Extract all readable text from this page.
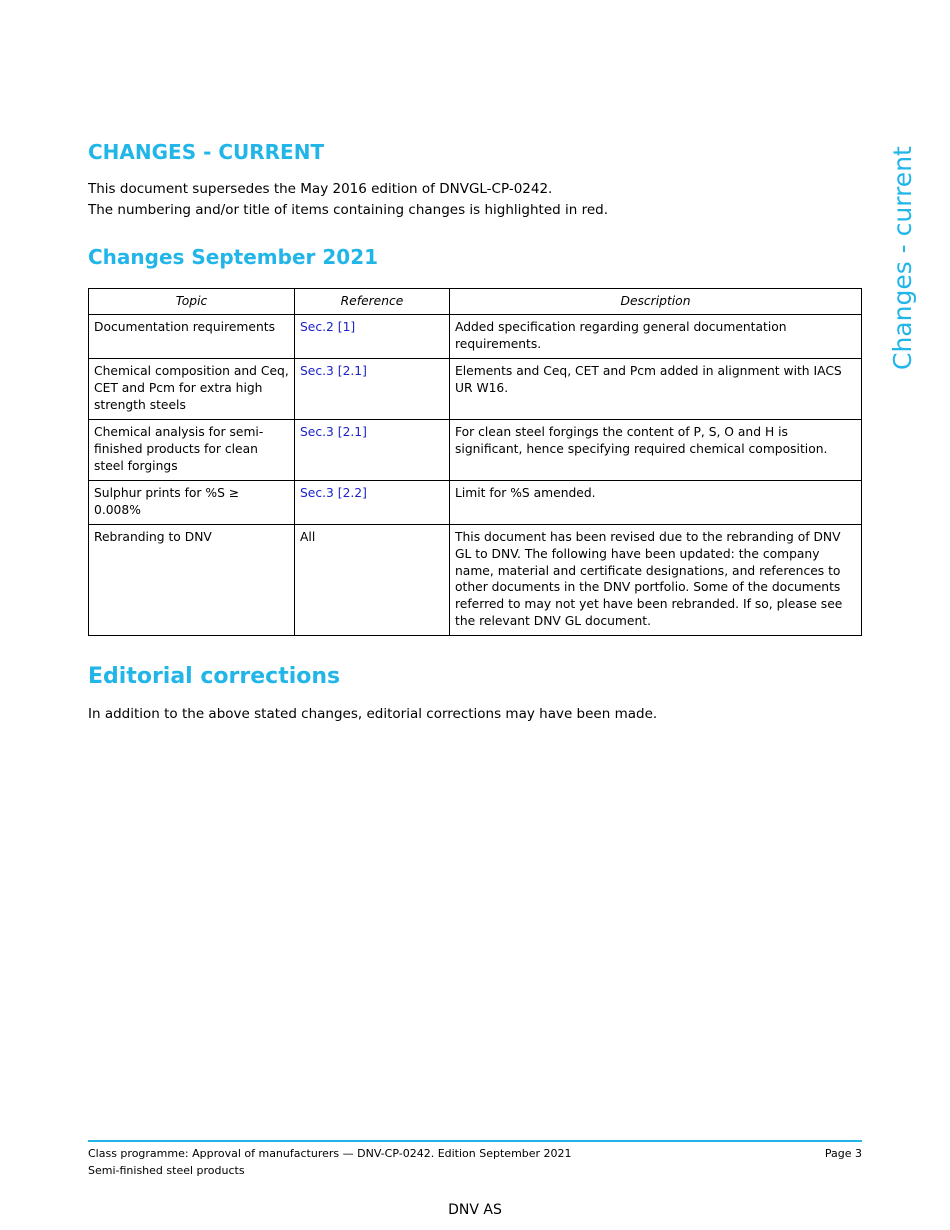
Changes - current
CHANGES - CURRENT

This document supersedes the May 2016 edition of DNVGL-CP-0242.

The numbering and/or title of items containing changes is highlighted in red.

Changes September 2021
Topic	Reference	Description
Documentation requirements	Sec.2 [1]	Added specification regarding general documentation requirements.
Chemical composition and Ceq, CET and Pcm for extra high strength steels	Sec.3 [2.1]	Elements and Ceq, CET and Pcm added in alignment with IACS UR W16.
Chemical analysis for semi-finished products for clean steel forgings	Sec.3 [2.1]	For clean steel forgings the content of P, S, O and H is significant, hence specifying required chemical composition.
Sulphur prints for %S ≥ 0.008%	Sec.3 [2.2]	Limit for %S amended.
Rebranding to DNV	All	This document has been revised due to the rebranding of DNV GL to DNV. The following have been updated: the company name, material and certificate designations, and references to other documents in the DNV portfolio. Some of the documents referred to may not yet have been rebranded. If so, please see the relevant DNV GL document.
Editorial corrections

In addition to the above stated changes, editorial corrections may have been made.

Class programme: Approval of manufacturers — DNV-CP-0242. Edition September 2021
Semi-finished steel products
Page 3
DNV AS
